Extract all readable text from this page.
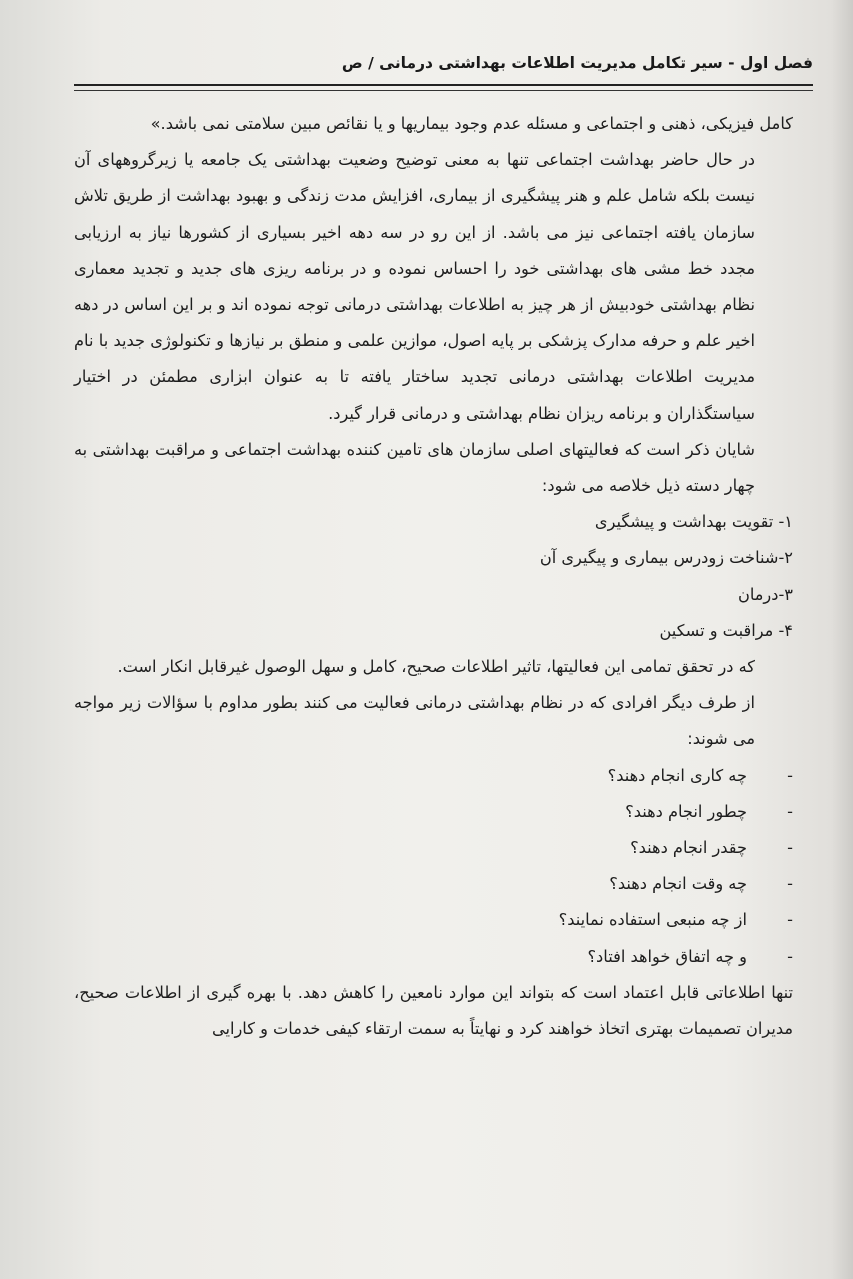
فصل اول - سیر تکامل مدیریت اطلاعات بهداشتی درمانی / ص

کامل فیزیکی، ذهنی و اجتماعی و مسئله عدم وجود بیماریها و یا نقائص مبین سلامتی نمی باشد.»

در حال حاضر بهداشت اجتماعی تنها به معنی توضیح وضعیت بهداشتی یک جامعه یا زیرگروههای آن نیست بلکه شامل علم و هنر پیشگیری از بیماری، افزایش مدت زندگی و بهبود بهداشت از طریق تلاش سازمان یافته اجتماعی نیز می باشد. از این رو در سه دهه اخیر بسیاری از کشورها نیاز به ارزیابی مجدد خط مشی های بهداشتی خود را احساس نموده و در برنامه ریزی های جدید و تجدید معماری نظام بهداشتی خودبیش از هر چیز به اطلاعات بهداشتی درمانی توجه نموده اند و بر این اساس در دهه اخیر علم و حرفه مدارک پزشکی بر پایه اصول، موازین علمی و منطق بر نیازها و تکنولوژی جدید با نام مدیریت اطلاعات بهداشتی درمانی تجدید ساختار یافته تا به عنوان ابزاری مطمئن در اختیار سیاستگذاران و برنامه ریزان نظام بهداشتی و درمانی قرار گیرد.

شایان ذکر است که فعالیتهای اصلی سازمان های تامین کننده بهداشت اجتماعی و مراقبت بهداشتی به چهار دسته ذیل خلاصه می شود:

۱- تقویت بهداشت و پیشگیری

۲-شناخت زودرس بیماری و پیگیری آن

۳-درمان

۴- مراقبت و تسکین

که در تحقق تمامی این فعالیتها، تاثیر اطلاعات صحیح، کامل و سهل الوصول غیرقابل انکار است.

از طرف دیگر افرادی که در نظام بهداشتی درمانی فعالیت می کنند بطور مداوم با سؤالات زیر مواجه می شوند:

-چه کاری انجام دهند؟

-چطور انجام دهند؟

-چقدر انجام دهند؟

-چه وقت انجام دهند؟

-از چه منبعی استفاده نمایند؟

-و چه اتفاق خواهد افتاد؟

تنها اطلاعاتی قابل اعتماد است که بتواند این موارد نامعین را کاهش دهد. با بهره گیری از اطلاعات صحیح، مدیران تصمیمات بهتری اتخاذ خواهند کرد و نهایتاً به سمت ارتقاء کیفی خدمات و کارایی
